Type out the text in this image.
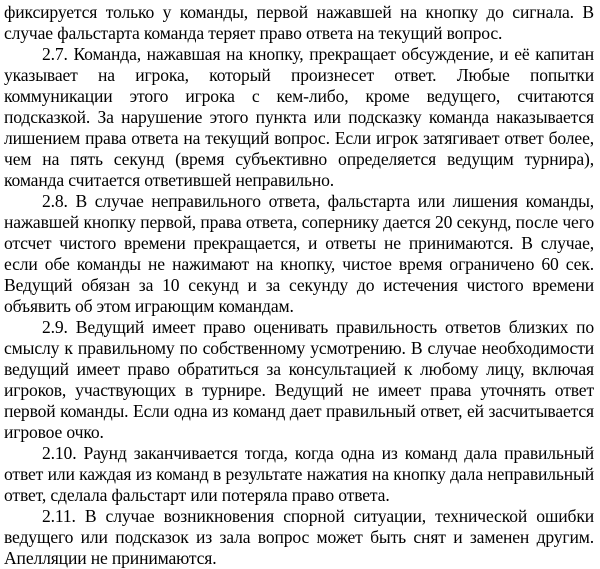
фиксируется только у команды, первой нажавшей на кнопку до сигнала. В случае фальстарта команда теряет право ответа на текущий вопрос.

2.7. Команда, нажавшая на кнопку, прекращает обсуждение, и её капитан указывает на игрока, который произнесет ответ. Любые попытки коммуникации этого игрока с кем-либо, кроме ведущего, считаются подсказкой. За нарушение этого пункта или подсказку команда наказывается лишением права ответа на текущий вопрос. Если игрок затягивает ответ более, чем на пять секунд (время субъективно определяется ведущим турнира), команда считается ответившей неправильно.

2.8. В случае неправильного ответа, фальстарта или лишения команды, нажавшей кнопку первой, права ответа, сопернику дается 20 секунд, после чего отсчет чистого времени прекращается, и ответы не принимаются. В случае, если обе команды не нажимают на кнопку, чистое время ограничено 60 сек. Ведущий обязан за 10 секунд и за секунду до истечения чистого времени объявить об этом играющим командам.

2.9. Ведущий имеет право оценивать правильность ответов близких по смыслу к правильному по собственному усмотрению. В случае необходимости ведущий имеет право обратиться за консультацией к любому лицу, включая игроков, участвующих в турнире. Ведущий не имеет права уточнять ответ первой команды. Если одна из команд дает правильный ответ, ей засчитывается игровое очко.

2.10. Раунд заканчивается тогда, когда одна из команд дала правильный ответ или каждая из команд в результате нажатия на кнопку дала неправильный ответ, сделала фальстарт или потеряла право ответа.

2.11. В случае возникновения спорной ситуации, технической ошибки ведущего или подсказок из зала вопрос может быть снят и заменен другим. Апелляции не принимаются.
